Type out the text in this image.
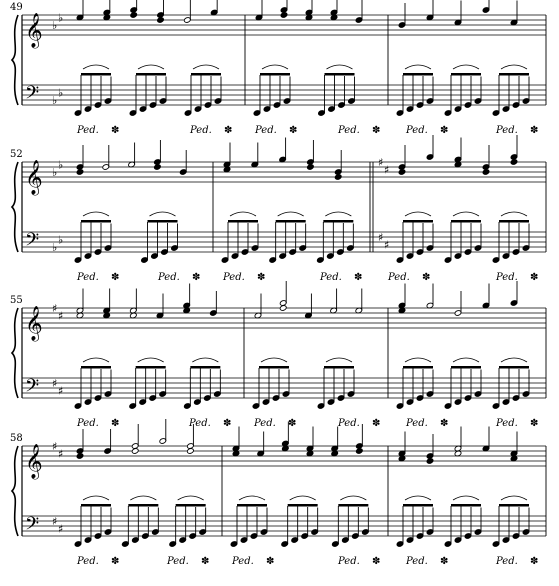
49
𝄞
𝄢
♭
♭
♭
♭
Ped. ✽	Ped. ✽ Ped. ✽	Ped. ✽	Ped. ✽	Ped. ✽
52
𝄞
𝄢
♭
♭
♭
♭
♯
♯
♯
♯
Ped. ✽	Ped. ✽ Ped. ✽	Ped. ✽	Ped. ✽	Ped. ✽
55
𝄞
𝄢
♯
♯
♯
♯
Ped. ✽	Ped. ✽ Ped. ✽	Ped. ✽	Ped. ✽	Ped. ✽
58
𝄞
𝄢
♯
♯
♯
♯
Ped. ✽	Ped. ✽ Ped. ✽	Ped. ✽	Ped. ✽	Ped. ✽
